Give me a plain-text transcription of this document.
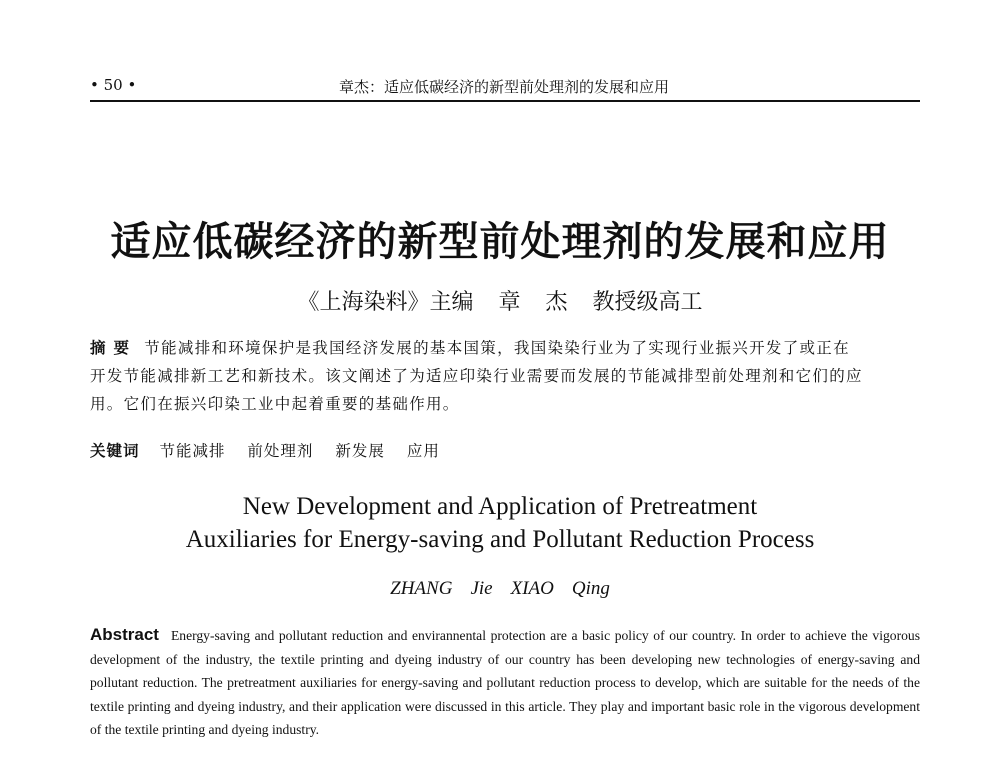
• 50 •	章杰：适应低碳经济的新型前处理剂的发展和应用
适应低碳经济的新型前处理剂的发展和应用
《上海染料》主编 章 杰 教授级高工
摘 要 节能减排和环境保护是我国经济发展的基本国策，我国染染行业为了实现行业振兴开发了或正在
开发节能减排新工艺和新技术。该文阐述了为适应印染行业需要而发展的节能减排型前处理剂和它们的应
用。它们在振兴印染工业中起着重要的基础作用。
关键词 节能减排 前处理剂 新发展 应用
New Development and Application of Pretreatment
Auxiliaries for Energy-saving and Pollutant Reduction Process
ZHANG Jie XIAO Qing
Abstract Energy-saving and pollutant reduction and envirannental protection are a basic policy of our country. In order to achieve the vigorous development of the industry, the textile printing and dyeing industry of our country has been developing new technologies of energy-saving and pollutant reduction. The pretreatment auxiliaries for energy-saving and pollutant reduction process to develop, which are suitable for the needs of the textile printing and dyeing industry, and their application were discussed in this article. They play and important basic role in the vigorous development of the textile printing and dyeing industry.
